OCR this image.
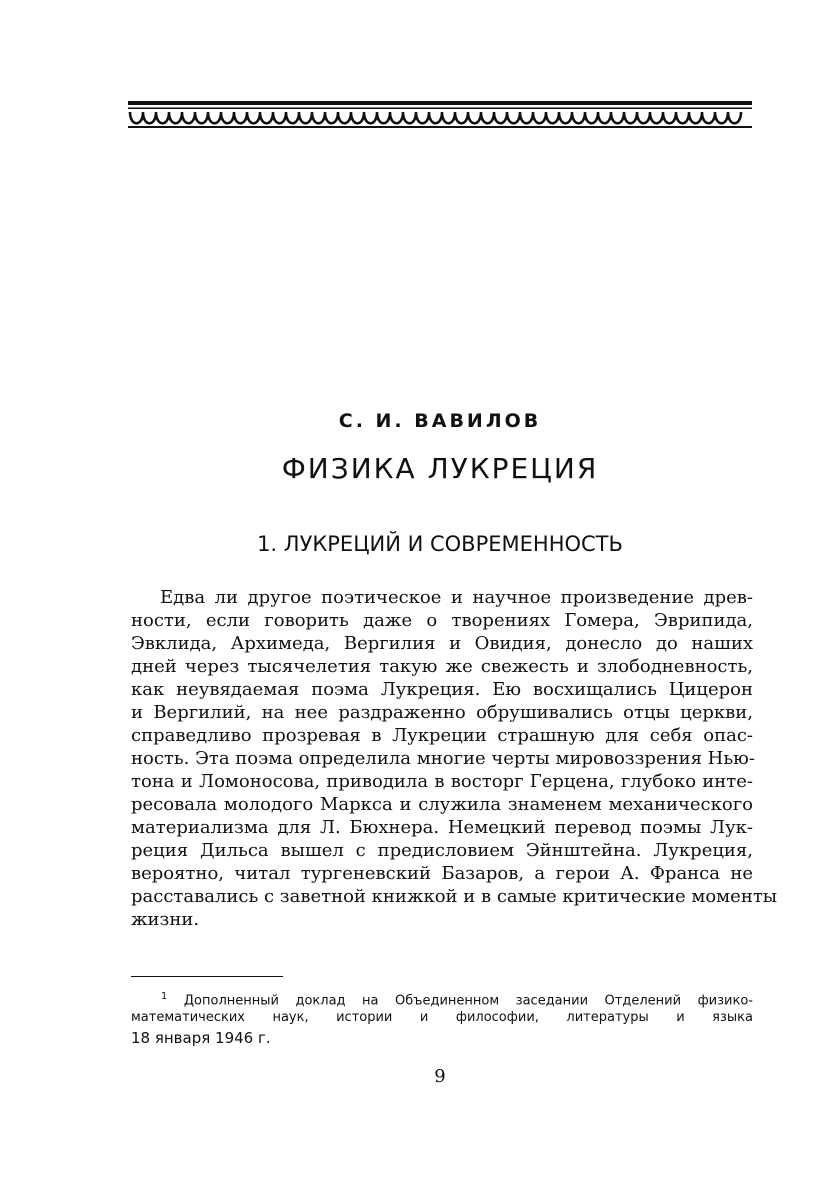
С. И. ВАВИЛОВ
ФИЗИКА ЛУКРЕЦИЯ
1. ЛУКРЕЦИЙ И СОВРЕМЕННОСТЬ
Едва ли другое поэтическое и научное произведение древ-
ности, если говорить даже о творениях Гомера, Эврипида,
Эвклида, Архимеда, Вергилия и Овидия, донесло до наших
дней через тысячелетия такую же свежесть и злободневность,
как неувядаемая поэма Лукреция. Ею восхищались Цицерон
и Вергилий, на нее раздраженно обрушивались отцы церкви,
справедливо прозревая в Лукреции страшную для себя опас-
ность. Эта поэма определила многие черты мировоззрения Нью-
тона и Ломоносова, приводила в восторг Герцена, глубоко инте-
ресовала молодого Маркса и служила знаменем механического
материализма для Л. Бюхнера. Немецкий перевод поэмы Лук-
реция Дильса вышел с предисловием Эйнштейна. Лукреция,
вероятно, читал тургеневский Базаров, а герои А. Франса не
расставались с заветной книжкой и в самые критические моменты
жизни.
$^1$ Дополненный доклад на Объединенном заседании Отделений физико-
математических наук, истории и философии, литературы и языка
18 января 1946 г.
9
